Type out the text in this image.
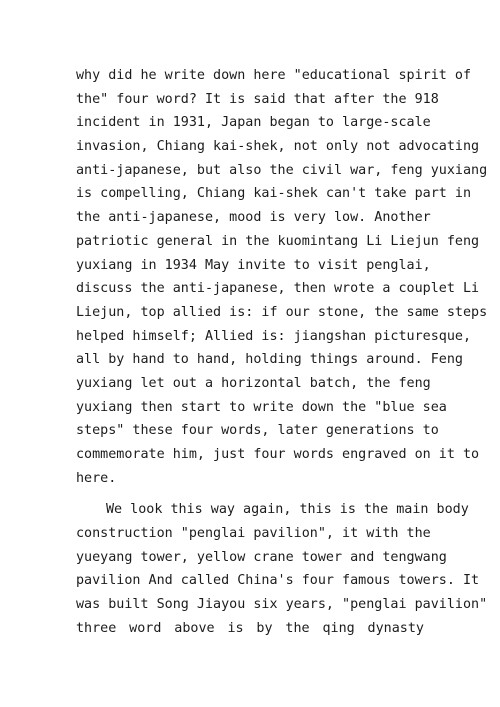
why did he write down here "educational spirit of
the" four word? It is said that after the 918
incident in 1931, Japan began to large-scale
invasion, Chiang kai-shek, not only not advocating
anti-japanese, but also the civil war, feng yuxiang
is compelling, Chiang kai-shek can't take part in
the anti-japanese, mood is very low. Another
patriotic general in the kuomintang Li Liejun feng
yuxiang in 1934 May invite to visit penglai,
discuss the anti-japanese, then wrote a couplet Li
Liejun, top allied is: if our stone, the same steps
helped himself; Allied is: jiangshan picturesque,
all by hand to hand, holding things around. Feng
yuxiang let out a horizontal batch, the feng
yuxiang then start to write down the "blue sea
steps" these four words, later generations to
commemorate him, just four words engraved on it to
here.
We look this way again, this is the main body
construction "penglai pavilion", it with the
yueyang tower, yellow crane tower and tengwang
pavilion And called China's four famous towers. It
was built Song Jiayou six years, "penglai pavilion"
three word above is by the qing dynasty
